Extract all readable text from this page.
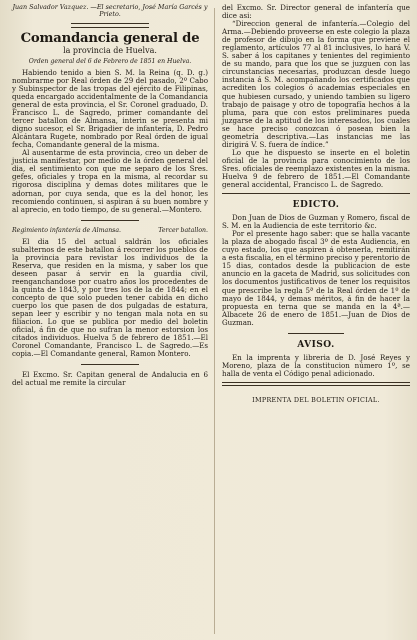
Juan Salvador Vazquez. —El secretario, José María Garcés y Prieto.

Comandancia general de
la provincia de Huelva.
Orden general del 6 de Febrero de 1851 en Huelva.

Habiendo tenido a bien S. M. la Reina (q. D. g.) nombrarme por Real órden de 29 del pasado, 2º Cabo y Subinspector de las tropas del ejército de Filipinas, queda encargado accidentalmente de la Comandancia general de esta provincia, el Sr. Coronel graduado, D. Francisco L. de Sagredo, primer comandante del tercer batallon de Almansa, interin se presenta mi digno sucesor, el Sr. Brigadier de infantería, D. Pedro Alcántara Rugete, nombrado por Real órden de igual fecha, Comandante general de la misma.

Al ausentarme de esta provincia, creo un deber de justicia manifestar, por medio de la órden general del dia, el sentimiento con que me separo de los Sres. gefes, oficiales y tropa en la misma, al recordar su rigorosa disciplina y demas dotes militares que le adornan, por cuya senda, que es la del honor, les recomiendo continuen, si aspiran á su buen nombre y al aprecio, en todo tiempo, de su general.—Montero.

Regimiento infantería de Almansa.	Tercer batallon.

El dia 15 del actual saldrán los oficiales subalternos de este batallon á recorrer los pueblos de la provincia para revistar los individuos de la Reserva, que residen en la misma, y saber los que deseen pasar á servir en la guardia civil, reenganchandose por cuatro años los procedentes de la quinta de 1843, y por tres los de la de 1844; en el concepto de que solo pueden tener cabida en dicho cuerpo los que pasen de dos pulgadas de estatura, sepan leer y escribir y no tengan mala nota en su filiacion. Lo que se publica por medio del boletin oficial, á fin de que no sufran la menor estorsion los citados individuos. Huelva 5 de febrero de 1851.—El Coronel Comandante, Francisco L. de Sagredo.—Es copia.—El Comandante general, Ramon Montero.

El Excmo. Sr. Capitan general de Andalucia en 6 del actual me remite la circular

del Excmo. Sr. Director general de infantería que dice asi:

“Direccion general de infantería.—Colegio del Arma.—Debiendo proveerse en este colegio la plaza de profesor de dibujo en la forma que previene el reglamento, artículos 77 al 81 inclusives, lo hará V. S. saber á los capitanes y tenientes del regimiento de su mando, para que los que se juzguen con las circunstancias necesarias, produzcan desde luego instancia á S. M. acompañando los certificados que acrediten los colegios ó academias especiales en que hubiesen cursado, y uniendo tambien su ligero trabajo de paisage y otro de topografía hechos á la pluma, para que con estos preliminares pueda juzgarse de la aptitud de los interesados, los cuales se hace preciso conozcan ó posean bien la geometría descriptiva.—Las instancias me las dirigirá V. S. fuera de índice.”

Lo que he dispuesto se inserte en el boletin oficial de la provincia para conocimiento de los Sres. oficiales de reemplazo existentes en la misma. Huelva 9 de febrero de 1851.—El Comandante general accidental, Francisco L. de Sagredo.

EDICTO.

Don Juan de Dios de Guzman y Romero, fiscal de S. M. en la Audiencia de este territorio &c.

Por el presente hago saber: que se halla vacante la plaza de abogado fiscal 3º de esta Audiencia, en cuyo estado, los que aspiren á obtenerla, remitirán a esta fiscalia, en el término preciso y perentorio de 15 dias, contados desde la publicacion de este anuncio en la gaceta de Madrid, sus solicitudes con los documentos justificativos de tener los requisitos que prescribe la regla 5ª de la Real órden de 1º de mayo de 1844, y demas méritos, á fin de hacer la propuesta en terna que se manda en la 4ª.—Albacete 26 de enero de 1851.—Juan de Dios de Guzman.

AVISO.

En la imprenta y libreria de D. José Reyes y Moreno, plaza de la constitucion número 1º, se halla de venta el Código penal adicionado.

IMPRENTA DEL BOLETIN OFICIAL.
